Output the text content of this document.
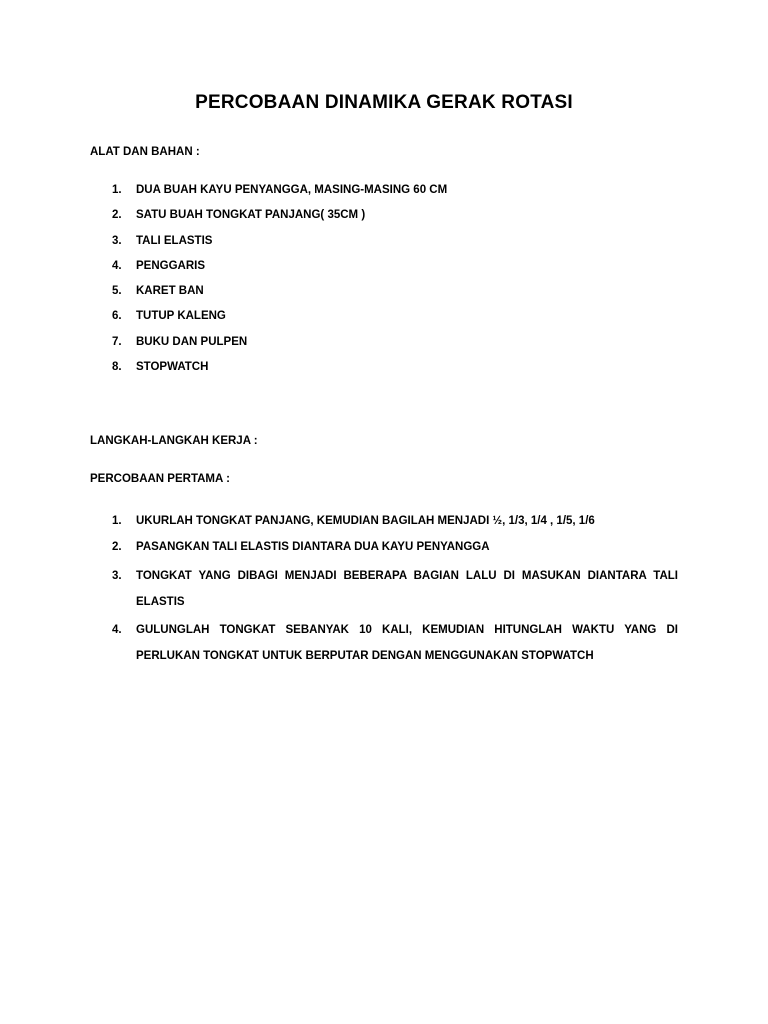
PERCOBAAN DINAMIKA GERAK ROTASI
ALAT DAN BAHAN :
1. DUA BUAH KAYU PENYANGGA, MASING-MASING 60 CM
2. SATU BUAH TONGKAT PANJANG( 35CM )
3. TALI ELASTIS
4. PENGGARIS
5. KARET BAN
6. TUTUP KALENG
7. BUKU DAN PULPEN
8. STOPWATCH
LANGKAH-LANGKAH KERJA :
PERCOBAAN PERTAMA :
1. UKURLAH TONGKAT PANJANG, KEMUDIAN BAGILAH MENJADI ½, 1/3, 1/4 , 1/5, 1/6
2. PASANGKAN TALI ELASTIS DIANTARA DUA KAYU PENYANGGA
3. TONGKAT YANG DIBAGI MENJADI BEBERAPA BAGIAN LALU DI MASUKAN DIANTARA TALI ELASTIS
4. GULUNGLAH TONGKAT SEBANYAK 10 KALI, KEMUDIAN HITUNGLAH WAKTU YANG DI PERLUKAN TONGKAT UNTUK BERPUTAR DENGAN MENGGUNAKAN STOPWATCH
